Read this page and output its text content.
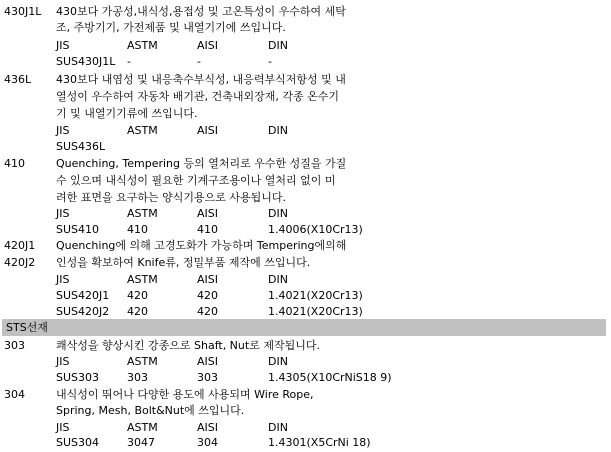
430J1L 430보다 가공성,내식성,용접성 및 고온특성이 우수하여 세탁
조, 주방기기, 가전제품 및 내열기기에 쓰입니다.
JIS	ASTM	AISI	DIN
SUS430J1L -	-	-
436L 430보다 내염성 및 내응축수부식성, 내응력부식저항성 및 내
열성이 우수하여 자동차 배기관, 건축내외장재, 각종 온수기
기 및 내열기기류에 쓰입니다.
JIS	ASTM	AISI	DIN
SUS436L
410	Quenching, Tempering 등의 열처리로 우수한 성질을 가질
수 있으며 내식성이 필요한 기계구조용이나 열처리 없이 미
려한 표면을 요구하는 양식기용으로 사용됩니다.
JIS	ASTM	AISI	DIN
SUS410	410	410	1.4006(X10Cr13)
420J1 Quenching에 의해 고경도화가 가능하며 Tempering에의해
420J2 인성을 확보하여 Knife류, 정밀부품 제작에 쓰입니다.
JIS	ASTM	AISI	DIN
SUS420J1 420	420	1.4021(X20Cr13)
SUS420J2 420	420	1.4021(X20Cr13)
STS선재
303	쾌삭성을 향상시킨 강종으로 Shaft, Nut로 제작됩니다.
JIS	ASTM	AISI	DIN
SUS303	303	303	1.4305(X10CrNiS18 9)
304	내식성이 뛰어나 다양한 용도에 사용되며 Wire Rope,
Spring, Mesh, Bolt&Nut에 쓰입니다.
JIS	ASTM	AISI	DIN
SUS304	3047	304	1.4301(X5CrNi 18)
